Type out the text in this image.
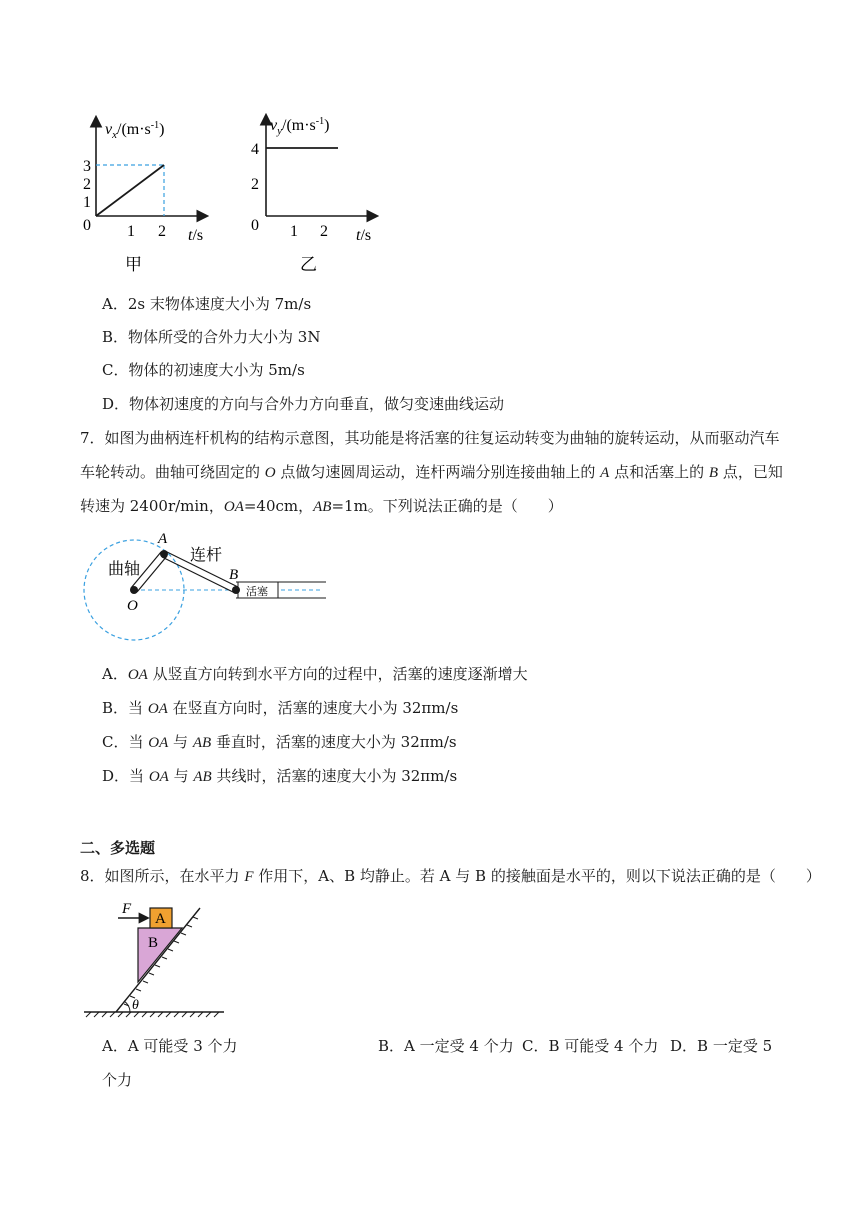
$v_x/(m\cdot s^{-1})$
3
2
1
0 1 2 t/s
甲
$v_y/(m\cdot s^{-1})$
4
2
0 1 2 t/s
乙
A．2s 末物体速度大小为 7m/s
B．物体所受的合外力大小为 3N
C．物体的初速度大小为 5m/s
D．物体初速度的方向与合外力方向垂直，做匀变速曲线运动
7．如图为曲柄连杆机构的结构示意图，其功能是将活塞的往复运动转变为曲轴的旋转运动，从而驱动汽车
车轮转动。曲轴可绕固定的 O 点做匀速圆周运动，连杆两端分别连接曲轴上的 A 点和活塞上的 B 点，已知
转速为 2400r/min，OA=40cm，AB=1m。下列说法正确的是（　　）
活塞
A
B
O
曲轴
连杆
A．OA 从竖直方向转到水平方向的过程中，活塞的速度逐渐增大
B．当 OA 在竖直方向时，活塞的速度大小为 32πm/s
C．当 OA 与 AB 垂直时，活塞的速度大小为 32πm/s
D．当 OA 与 AB 共线时，活塞的速度大小为 32πm/s
二、多选题
8．如图所示，在水平力 F 作用下，A、B 均静止。若 A 与 B 的接触面是水平的，则以下说法正确的是（　　）
B
A
F
θ
A．A 可能受 3 个力	B．A 一定受 4 个力 C．B 可能受 4 个力 D．B 一定受 5
个力
